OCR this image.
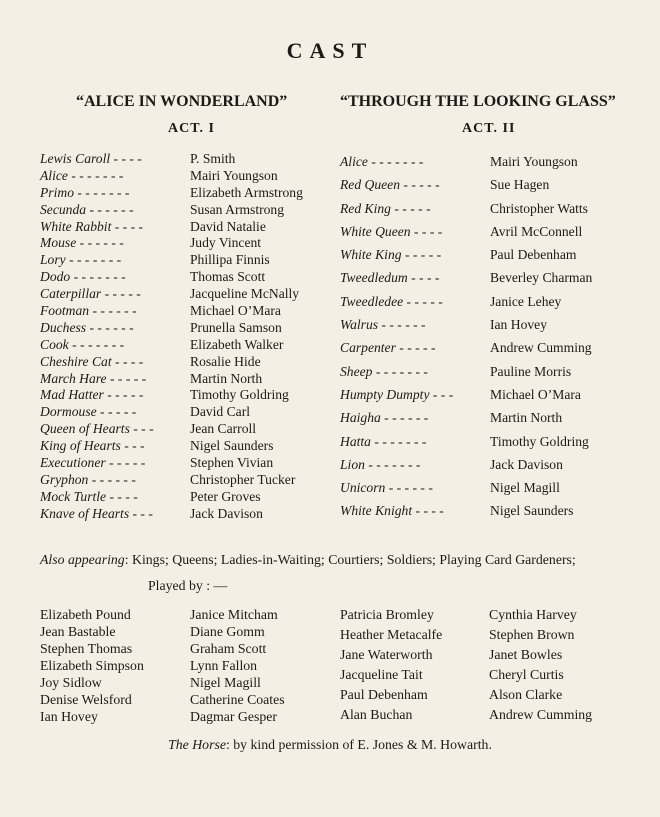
CAST
“ALICE IN WONDERLAND”
ACT. I
“THROUGH THE LOOKING GLASS”
ACT. II
Lewis Caroll - - - -	P. Smith
Alice - - - - - - -	Mairi Youngson
Primo - - - - - - -	Elizabeth Armstrong
Secunda - - - - - -	Susan Armstrong
White Rabbit - - - -	David Natalie
Mouse - - - - - -	Judy Vincent
Lory - - - - - - -	Phillipa Finnis
Dodo - - - - - - -	Thomas Scott
Caterpillar - - - - -	Jacqueline McNally
Footman - - - - - -	Michael O’Mara
Duchess - - - - - -	Prunella Samson
Cook - - - - - - -	Elizabeth Walker
Cheshire Cat - - - -	Rosalie Hide
March Hare - - - - -	Martin North
Mad Hatter - - - - -	Timothy Goldring
Dormouse - - - - -	David Carl
Queen of Hearts - - -	Jean Carroll
King of Hearts - - -	Nigel Saunders
Executioner - - - - -	Stephen Vivian
Gryphon - - - - - -	Christopher Tucker
Mock Turtle - - - -	Peter Groves
Knave of Hearts - - -	Jack Davison
Alice - - - - - - -	Mairi Youngson
Red Queen - - - - -	Sue Hagen
Red King - - - - -	Christopher Watts
White Queen - - - -	Avril McConnell
White King - - - - -	Paul Debenham
Tweedledum - - - -	Beverley Charman
Tweedledee - - - - -	Janice Lehey
Walrus - - - - - -	Ian Hovey
Carpenter - - - - -	Andrew Cumming
Sheep - - - - - - -	Pauline Morris
Humpty Dumpty - - -	Michael O’Mara
Haigha - - - - - -	Martin North
Hatta - - - - - - -	Timothy Goldring
Lion - - - - - - -	Jack Davison
Unicorn - - - - - -	Nigel Magill
White Knight - - - -	Nigel Saunders
Also appearing: Kings; Queens; Ladies-in-Waiting; Courtiers; Soldiers; Playing Card Gardeners;
Played by : —
Elizabeth Pound
Jean Bastable
Stephen Thomas
Elizabeth Simpson
Joy Sidlow
Denise Welsford
Ian Hovey
Janice Mitcham
Diane Gomm
Graham Scott
Lynn Fallon
Nigel Magill
Catherine Coates
Dagmar Gesper
Patricia Bromley
Heather Metacalfe
Jane Waterworth
Jacqueline Tait
Paul Debenham
Alan Buchan
Cynthia Harvey
Stephen Brown
Janet Bowles
Cheryl Curtis
Alson Clarke
Andrew Cumming
The Horse: by kind permission of E. Jones & M. Howarth.
